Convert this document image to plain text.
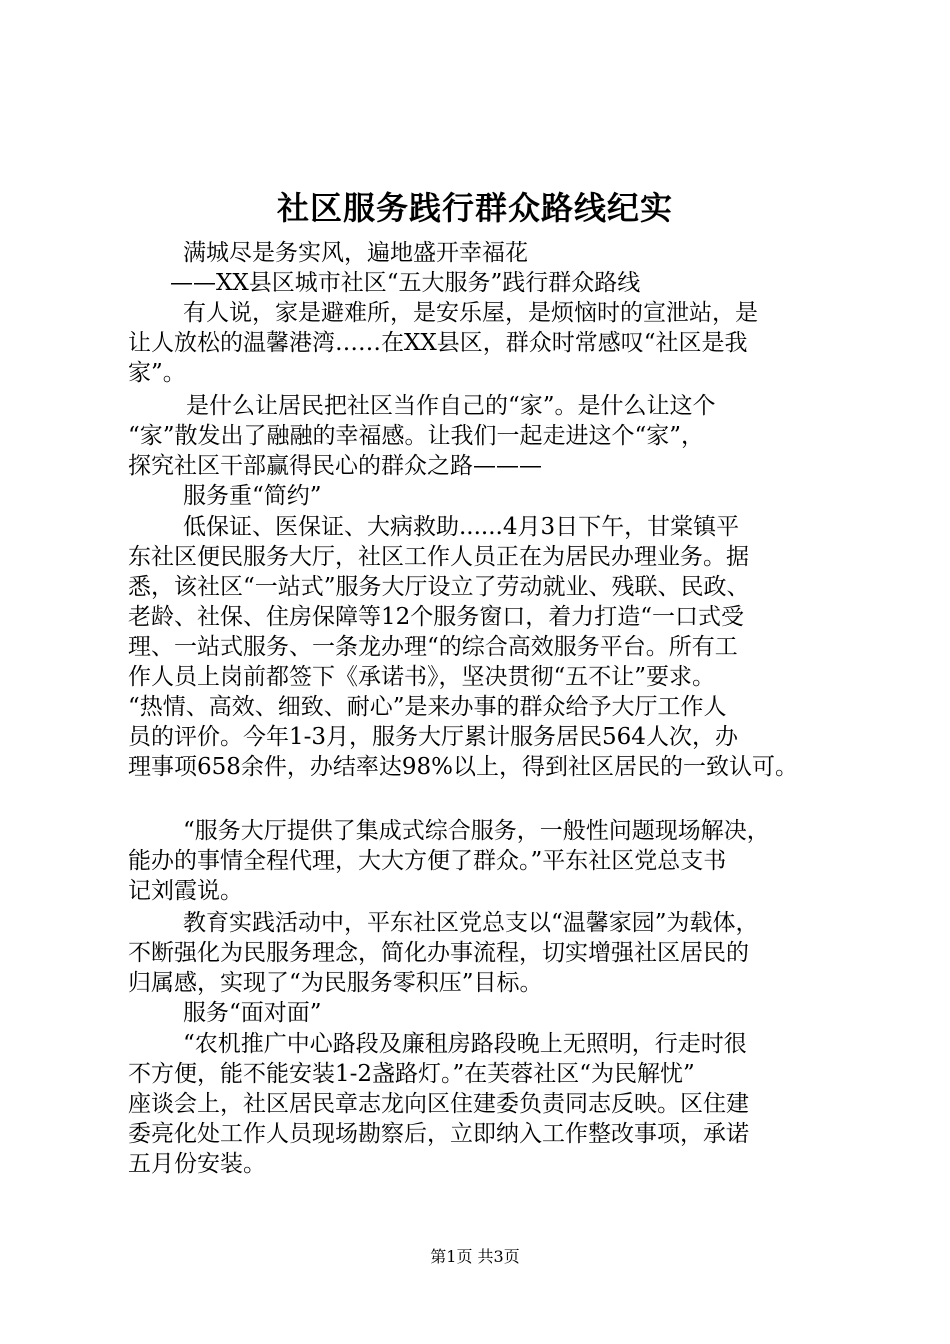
社区服务践行群众路线纪实
满城尽是务实风，遍地盛开幸福花
——XX县区城市社区“五大服务”践行群众路线
有人说，家是避难所，是安乐屋，是烦恼时的宣泄站，是
让人放松的温馨港湾……在XX县区，群众时常感叹“社区是我
家”。
是什么让居民把社区当作自己的“家”。是什么让这个
“家”散发出了融融的幸福感。让我们一起走进这个“家”，
探究社区干部赢得民心的群众之路———
服务重“简约”
低保证、医保证、大病救助......4月3日下午，甘棠镇平
东社区便民服务大厅，社区工作人员正在为居民办理业务。据
悉，该社区“一站式”服务大厅设立了劳动就业、残联、民政、
老龄、社保、住房保障等12个服务窗口，着力打造“一口式受
理、一站式服务、一条龙办理“的综合高效服务平台。所有工
作人员上岗前都签下《承诺书》，坚决贯彻“五不让”要求。
“热情、高效、细致、耐心”是来办事的群众给予大厅工作人
员的评价。今年1-3月，服务大厅累计服务居民564人次，办
理事项658余件，办结率达98%以上，得到社区居民的一致认可。
“服务大厅提供了集成式综合服务，一般性问题现场解决，
能办的事情全程代理，大大方便了群众。”平东社区党总支书
记刘霞说。
教育实践活动中，平东社区党总支以“温馨家园”为载体，
不断强化为民服务理念，简化办事流程，切实增强社区居民的
归属感，实现了“为民服务零积压”目标。
服务“面对面”
“农机推广中心路段及廉租房路段晚上无照明，行走时很
不方便，能不能安装1-2盏路灯。”在芙蓉社区“为民解忧”
座谈会上，社区居民章志龙向区住建委负责同志反映。区住建
委亮化处工作人员现场勘察后，立即纳入工作整改事项，承诺
五月份安装。
第1页 共3页
